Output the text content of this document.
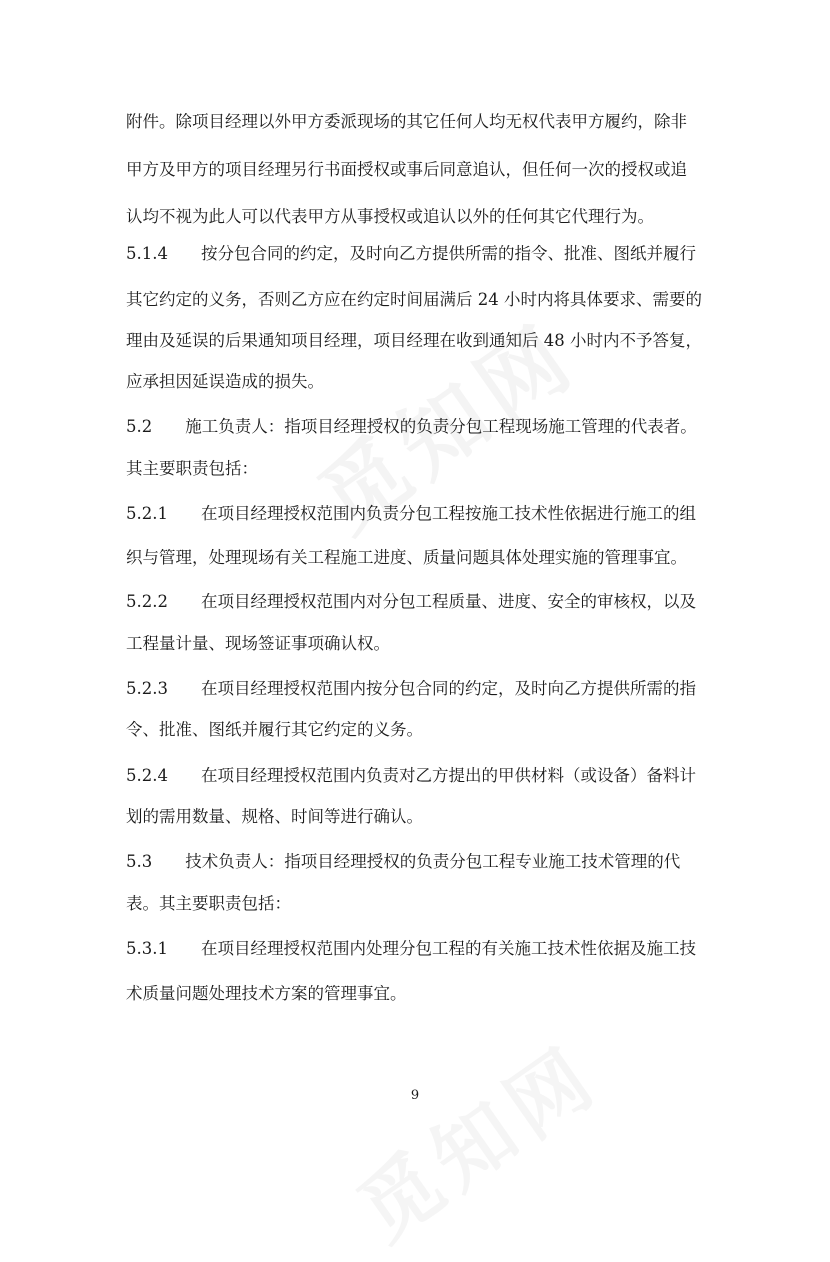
附件。除项目经理以外甲方委派现场的其它任何人均无权代表甲方履约，除非
甲方及甲方的项目经理另行书面授权或事后同意追认，但任何一次的授权或追
认均不视为此人可以代表甲方从事授权或追认以外的任何其它代理行为。
5.1.4　　按分包合同的约定，及时向乙方提供所需的指令、批准、图纸并履行
其它约定的义务，否则乙方应在约定时间届满后 24 小时内将具体要求、需要的
理由及延误的后果通知项目经理，项目经理在收到通知后 48 小时内不予答复，
应承担因延误造成的损失。
5.2　　施工负责人：指项目经理授权的负责分包工程现场施工管理的代表者。
其主要职责包括：
5.2.1　　在项目经理授权范围内负责分包工程按施工技术性依据进行施工的组
织与管理，处理现场有关工程施工进度、质量问题具体处理实施的管理事宜。
5.2.2　　在项目经理授权范围内对分包工程质量、进度、安全的审核权，以及
工程量计量、现场签证事项确认权。
5.2.3　　在项目经理授权范围内按分包合同的约定，及时向乙方提供所需的指
令、批准、图纸并履行其它约定的义务。
5.2.4　　在项目经理授权范围内负责对乙方提出的甲供材料（或设备）备料计
划的需用数量、规格、时间等进行确认。
5.3　　技术负责人：指项目经理授权的负责分包工程专业施工技术管理的代
表。其主要职责包括：
5.3.1　　在项目经理授权范围内处理分包工程的有关施工技术性依据及施工技
术质量问题处理技术方案的管理事宜。
9
